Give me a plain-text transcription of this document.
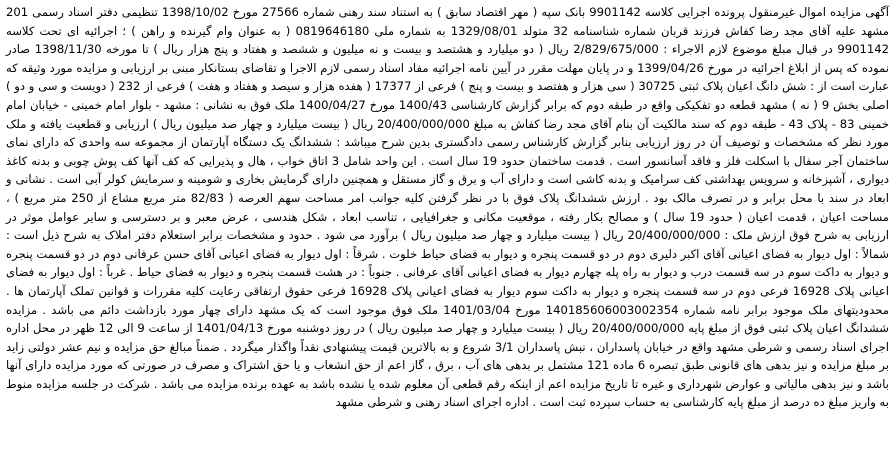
آگهی مزایده اموال غیرمنقول پرونده اجرایی کلاسه 9901142 بانک سپه ( مهر اقتصاد سابق ) به استناد سند رهنی شماره 27566 مورخ 1398/10/02 تنظیمی دفتر اسناد رسمی 201 مشهد علیه آقای مجد رضا کفاش فرزند قربان شماره شناسنامه 32 متولد 1329/08/01 به شماره ملی 0819646180 ( به عنوان وام گیرنده و راهن ) ؛ اجرائیه ای تحت کلاسه 9901142 در قبال مبلغ موضوع لازم الاجراء : 2/829/675/000 ریال ( دو میلیارد و هشتصد و بیست و نه میلیون و ششصد و هفتاد و پنج هزار ریال ) تا مورخه 1398/11/30 صادر نموده که پس از ابلاغ اجرائیه در مورخ 1399/04/26 و در پایان مهلت مقرر در آیین نامه اجرائیه مفاد اسناد رسمی لازم الاجرا و تقاضای بستانکار مبنی بر ارزیابی و مزایده مورد وثیقه که عبارت است از : شش دانگ اعیان پلاک ثبتی 30725 ( سی هزار و هفتصد و بیست و پنج ) فرعی از 17377 ( هفده هزار و سیصد و هفتاد و هفت ) فرعی از 232 ( دویست و سی و دو ) اصلی بخش 9 ( نه ) مشهد قطعه دو تفکیکی واقع در طبقه دوم که برابر گزارش کارشناسی 1400/43 مورخ 1400/04/27 ملک فوق به نشانی : مشهد - بلوار امام خمینی - خیابان امام خمینی 83 - پلاک 43 - طبقه دوم که سند مالکیت آن بنام آقای مجد رضا کفاش به مبلغ 20/400/000/000 ریال ( بیست میلیارد و چهار صد میلیون ریال ) ارزیابی و قطعیت یافته و ملک مورد نظر که مشخصات و توصیف آن در روز ارزیابی بنابر گزارش کارشناس رسمی دادگستری بدین شرح میباشد : ششدانگ یک دستگاه آپارتمان از مجموعه سه واحدی که دارای نمای ساختمان آجر سفال با اسکلت فلز و فاقد آسانسور است . قدمت ساختمان حدود 19 سال است . این واحد شامل 3 اتاق خواب ، هال و پذیرایی که کف آنها کف پوش چوبی و بدنه کاغذ دیواری ، آشپزخانه و سرویس بهداشتی کف سرامیک و بدنه کاشی است و دارای آب و برق و گاز مستقل و همچنین دارای گرمایش بخاری و شومینه و سرمایش کولر آبی است . نشانی و ابعاد در سند با محل برابر و در تصرف مالک بود . ارزش ششدانگ پلاک فوق با در نظر گرفتن کلیه جوانب امر مساحت سهم العرصه ( 82/83 متر مربع مشاع از 250 متر مربع ) ، مساحت اعیان ، قدمت اعیان ( حدود 19 سال ) و مصالح بکار رفته ، موقعیت مکانی و جغرافیایی ، تناسب ابعاد ، شکل هندسی ، عرض معبر و بر دسترسی و سایر عوامل موثر در ارزیابی به شرح فوق ارزش ملک : 20/400/000/000 ریال ( بیست میلیارد و چهار صد میلیون ریال ) برآورد می شود . حدود و مشخصات برابر استعلام دفتر املاک به شرح ذیل است : شمالاً : اول دیوار به فضای اعیانی آقای اکبر دلیری دوم در دو قسمت پنجره و دیوار به فضای حیاط خلوت . شرقاً : اول دیوار به فضای اعیانی آقای حسن عرفانی دوم در دو قسمت پنجره و دیوار به داکت سوم در سه قسمت درب و دیوار به راه پله چهارم دیوار به فضای اعیانی آقای عرفانی . جنوباً : در هشت قسمت پنجره و دیوار به فضای حیاط . غرباً : اول دیوار به فضای اعیانی پلاک 16928 فرعی دوم در سه قسمت پنجره و دیوار به داکت سوم دیوار به فضای اعیانی پلاک 16928 فرعی حقوق ارتفاقی رعایت کلیه مقررات و قوانین تملک آپارتمان ها . محدودیتهای ملک موجود برابر نامه شماره 140185606003002354 مورخ 1401/03/04 ملک فوق موجود است که یک مشهد دارای چهار مورد بازداشت دائم می باشد . مزایده ششدانگ اعیان پلاک ثبتی فوق از مبلغ پایه 20/400/000/000 ریال ( بیست میلیارد و چهار صد میلیون ریال ) در روز دوشنبه مورخ 1401/04/13 از ساعت 9 الی 12 ظهر در محل اداره اجرای اسناد رسمی و شرطی مشهد واقع در خیابان پاسداران ، نبش پاسداران 3/1 شروع و به بالاترین قیمت پیشنهادی نقداً واگذار میگردد . ضمناً مبالغ حق مزایده و نیم عشر دولتی زاید بر مبلغ مزایده و نیز بدهی های قانونی طبق تبصره 6 ماده 121 مشتمل بر بدهی های آب ، برق ، گاز اعم از حق انشعاب و یا حق اشتراک و مصرف در صورتی که مورد مزایده دارای آنها باشد و نیز بدهی مالیاتی و عوارض شهرداری و غیره تا تاریخ مزایده اعم از اینکه رقم قطعی آن معلوم شده یا نشده باشد به عهده برنده مزایده می باشد . شرکت در جلسه مزایده منوط به واریز مبلغ ده درصد از مبلغ پایه کارشناسی به حساب سپرده ثبت است . اداره اجرای اسناد رهنی و شرطی مشهد
